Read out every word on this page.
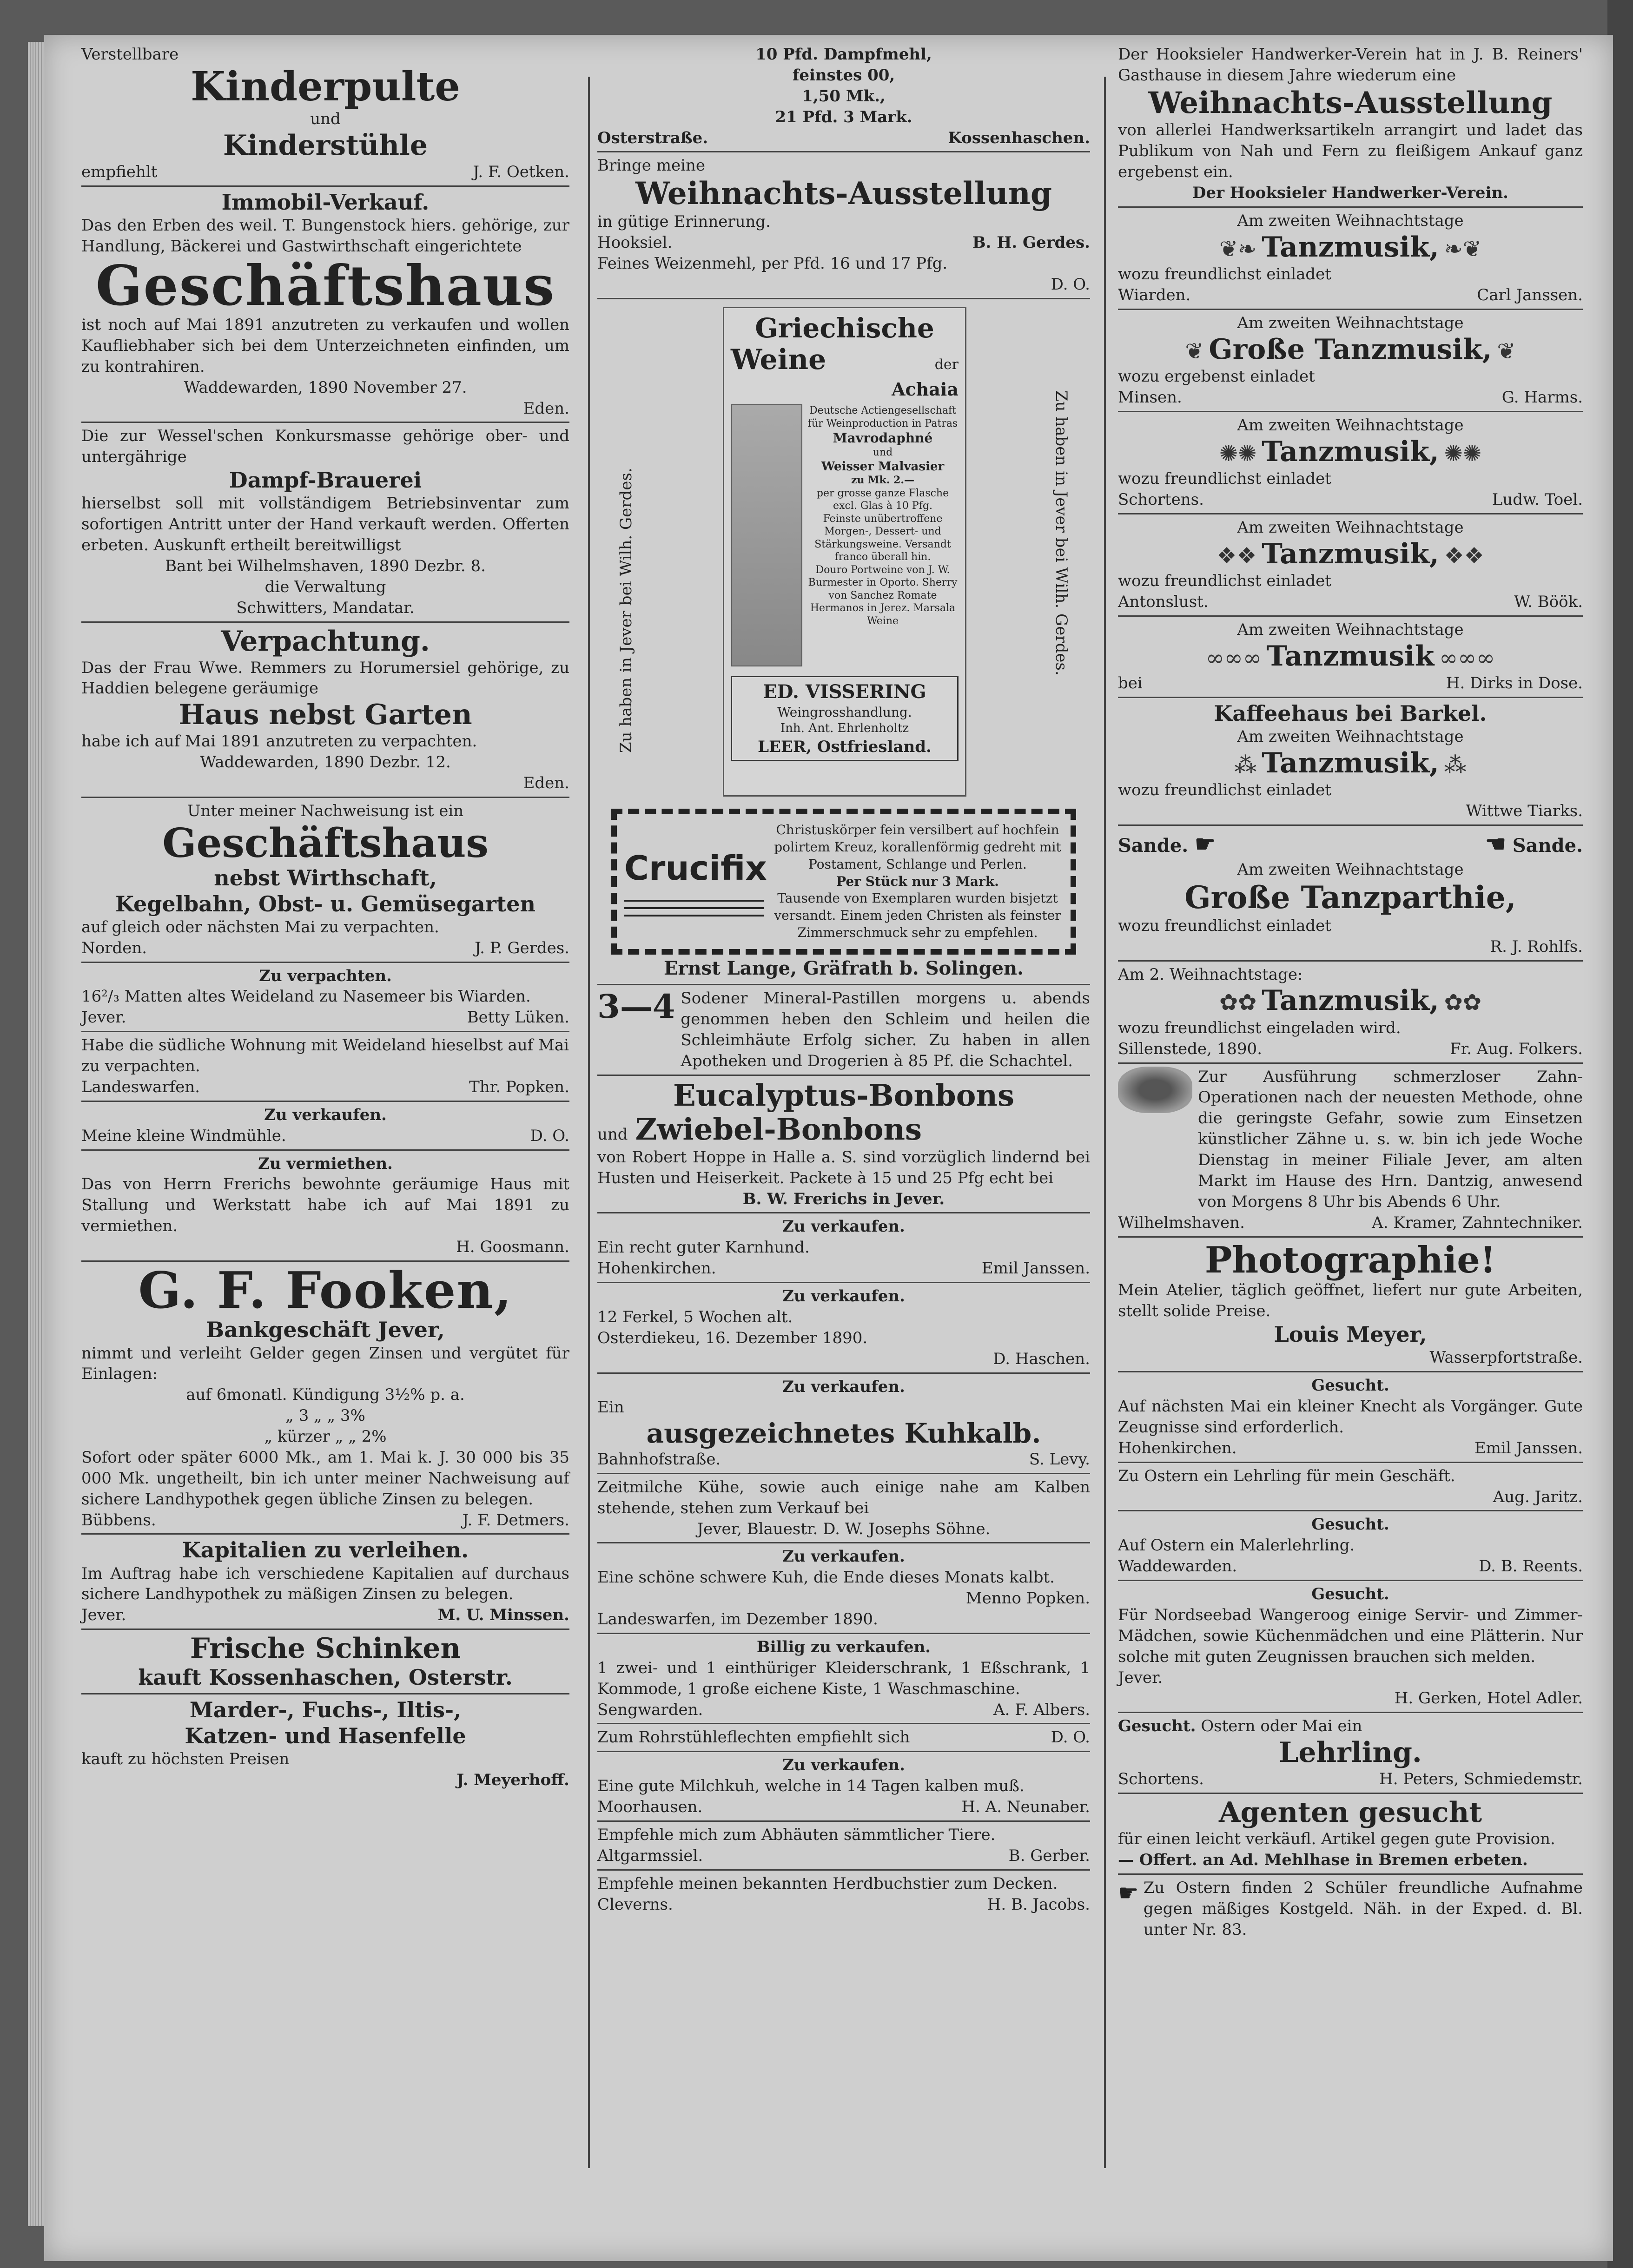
Verstellbare
Kinderpulte
und
Kinderstühle
empfiehlt	J. F. Oetken.
Immobil-Verkauf.
Das den Erben des weil. T. Bungenstock hiers. gehörige, zur Handlung, Bäckerei und Gastwirthschaft eingerichtete
Geschäftshaus
ist noch auf Mai 1891 anzutreten zu verkaufen und wollen Kaufliebhaber sich bei dem Unterzeichneten einfinden, um zu kontrahiren.
Waddewarden, 1890 November 27.
Eden.
Die zur Wessel'schen Konkursmasse gehörige ober- und untergährige
Dampf-Brauerei
hierselbst soll mit vollständigem Betriebsinventar zum sofortigen Antritt unter der Hand verkauft werden. Offerten erbeten. Auskunft ertheilt bereitwilligst
Bant bei Wilhelmshaven, 1890 Dezbr. 8.
die Verwaltung
Schwitters, Mandatar.
Verpachtung.
Das der Frau Wwe. Remmers zu Horumersiel gehörige, zu Haddien belegene geräumige
Haus nebst Garten
habe ich auf Mai 1891 anzutreten zu verpachten.
Waddewarden, 1890 Dezbr. 12.
Eden.
Unter meiner Nachweisung ist ein
Geschäftshaus
nebst Wirthschaft,
Kegelbahn, Obst- u. Gemüsegarten
auf gleich oder nächsten Mai zu verpachten.
Norden.	J. P. Gerdes.
Zu verpachten.
16²/₃ Matten altes Weideland zu Nasemeer bis Wiarden.
Jever.	Betty Lüken.
Habe die südliche Wohnung mit Weideland hieselbst auf Mai zu verpachten.
Landeswarfen.	Thr. Popken.
Zu verkaufen.
Meine kleine Windmühle.	D. O.
Zu vermiethen.
Das von Herrn Frerichs bewohnte geräumige Haus mit Stallung und Werkstatt habe ich auf Mai 1891 zu vermiethen.
H. Goosmann.
G. F. Fooken,
Bankgeschäft Jever,
nimmt und verleiht Gelder gegen Zinsen und vergütet für Einlagen:
auf 6monatl. Kündigung 3½% p. a.
„ 3 „ „ 3%
„ kürzer „ „ 2%
Sofort oder später 6000 Mk., am 1. Mai k. J. 30 000 bis 35 000 Mk. ungetheilt, bin ich unter meiner Nachweisung auf sichere Landhypothek gegen übliche Zinsen zu belegen.
Bübbens.	J. F. Detmers.
Kapitalien zu verleihen.
Im Auftrag habe ich verschiedene Kapitalien auf durchaus sichere Landhypothek zu mäßigen Zinsen zu belegen.
Jever.	M. U. Minssen.
Frische Schinken
kauft Kossenhaschen, Osterstr.
Marder-, Fuchs-, Iltis-,
Katzen- und Hasenfelle
kauft zu höchsten Preisen
J. Meyerhoff.
10 Pfd. Dampfmehl,
feinstes 00,
1,50 Mk.,
21 Pfd. 3 Mark.
Osterstraße.	Kossenhaschen.
Bringe meine
Weihnachts-Ausstellung
in gütige Erinnerung.
Hooksiel.	B. H. Gerdes.
Feines Weizenmehl, per Pfd. 16 und 17 Pfg.
D. O.
Zu haben in Jever bei Wilh. Gerdes.	Zu haben in Jever bei Wilh. Gerdes.
Griechische
Weine	der
Achaia
Deutsche Actiengesellschaft für Weinproduction in Patras
Mavrodaphné
und
Weisser Malvasier
zu Mk. 2.—
per grosse ganze Flasche excl. Glas à 10 Pfg.
Feinste unübertroffene Morgen-, Dessert- und Stärkungsweine. Versandt franco überall hin.
Douro Portweine von J. W. Burmester in Oporto. Sherry von Sanchez Romate Hermanos in Jerez. Marsala Weine
ED. VISSERING
Weingrosshandlung.
Inh. Ant. Ehrlenholtz
LEER, Ostfriesland.
Crucifix
Christuskörper fein versilbert auf hochfein polirtem Kreuz, korallenförmig gedreht mit Postament, Schlange und Perlen.
Per Stück nur 3 Mark.
Tausende von Exemplaren wurden bisjetzt versandt. Einem jeden Christen als feinster Zimmerschmuck sehr zu empfehlen.
Ernst Lange, Gräfrath b. Solingen.
3—4 Sodener Mineral-Pastillen morgens u. abends genommen heben den Schleim und heilen die Schleimhäute Erfolg sicher. Zu haben in allen Apotheken und Drogerien à 85 Pf. die Schachtel.
Eucalyptus-Bonbons
und Zwiebel-Bonbons
von Robert Hoppe in Halle a. S. sind vorzüglich lindernd bei Husten und Heiserkeit. Packete à 15 und 25 Pfg echt bei
B. W. Frerichs in Jever.
Zu verkaufen.
Ein recht guter Karnhund.
Hohenkirchen.	Emil Janssen.
Zu verkaufen.
12 Ferkel, 5 Wochen alt.
Osterdiekeu, 16. Dezember 1890.
D. Haschen.
Zu verkaufen.
Ein
ausgezeichnetes Kuhkalb.
Bahnhofstraße.	S. Levy.
Zeitmilche Kühe, sowie auch einige nahe am Kalben stehende, stehen zum Verkauf bei
Jever, Blauestr. D. W. Josephs Söhne.
Zu verkaufen.
Eine schöne schwere Kuh, die Ende dieses Monats kalbt.
Menno Popken.
Landeswarfen, im Dezember 1890.
Billig zu verkaufen.
1 zwei- und 1 einthüriger Kleiderschrank, 1 Eßschrank, 1 Kommode, 1 große eichene Kiste, 1 Waschmaschine.
Sengwarden.	A. F. Albers.
Zum Rohrstühleflechten empfiehlt sich	D. O.
Zu verkaufen.
Eine gute Milchkuh, welche in 14 Tagen kalben muß.
Moorhausen.	H. A. Neunaber.
Empfehle mich zum Abhäuten sämmtlicher Tiere.
Altgarmssiel.	B. Gerber.
Empfehle meinen bekannten Herdbuchstier zum Decken.
Cleverns.	H. B. Jacobs.
Der Hooksieler Handwerker-Verein hat in J. B. Reiners' Gasthause in diesem Jahre wiederum eine
Weihnachts-Ausstellung
von allerlei Handwerksartikeln arrangirt und ladet das Publikum von Nah und Fern zu fleißigem Ankauf ganz ergebenst ein.
Der Hooksieler Handwerker-Verein.
Am zweiten Weihnachtstage
❦❧ Tanzmusik, ❧❦
wozu freundlichst einladet
Wiarden.	Carl Janssen.
Am zweiten Weihnachtstage
❦ Große Tanzmusik, ❦
wozu ergebenst einladet
Minsen.	G. Harms.
Am zweiten Weihnachtstage
✺✺ Tanzmusik, ✺✺
wozu freundlichst einladet
Schortens.	Ludw. Toel.
Am zweiten Weihnachtstage
❖❖ Tanzmusik, ❖❖
wozu freundlichst einladet
Antonslust.	W. Böök.
Am zweiten Weihnachtstage
∞∞∞ Tanzmusik ∞∞∞
bei	H. Dirks in Dose.
Kaffeehaus bei Barkel.
Am zweiten Weihnachtstage
⁂ Tanzmusik, ⁂
wozu freundlichst einladet
Wittwe Tiarks.
Sande. ☛	☚ Sande.
Am zweiten Weihnachtstage
Große Tanzparthie,
wozu freundlichst einladet
R. J. Rohlfs.
Am 2. Weihnachtstage:
✿✿ Tanzmusik, ✿✿
wozu freundlichst eingeladen wird.
Sillenstede, 1890.	Fr. Aug. Folkers.
Zur Ausführung schmerzloser Zahn-Operationen nach der neuesten Methode, ohne die geringste Gefahr, sowie zum Einsetzen künstlicher Zähne u. s. w. bin ich jede Woche Dienstag in meiner Filiale Jever, am alten Markt im Hause des Hrn. Dantzig, anwesend von Morgens 8 Uhr bis Abends 6 Uhr.
Wilhelmshaven.	A. Kramer, Zahntechniker.
Photographie!
Mein Atelier, täglich geöffnet, liefert nur gute Arbeiten, stellt solide Preise.
Louis Meyer,
Wasserpfortstraße.
Gesucht.
Auf nächsten Mai ein kleiner Knecht als Vorgänger. Gute Zeugnisse sind erforderlich.
Hohenkirchen.	Emil Janssen.
Zu Ostern ein Lehrling für mein Geschäft.
Aug. Jaritz.
Gesucht.
Auf Ostern ein Malerlehrling.
Waddewarden.	D. B. Reents.
Gesucht.
Für Nordseebad Wangeroog einige Servir- und Zimmer-Mädchen, sowie Küchenmädchen und eine Plätterin. Nur solche mit guten Zeugnissen brauchen sich melden.
Jever.
H. Gerken, Hotel Adler.
Gesucht. Ostern oder Mai ein
Lehrling.
Schortens.	H. Peters, Schmiedemstr.
Agenten gesucht
für einen leicht verkäufl. Artikel gegen gute Provision.
— Offert. an Ad. Mehlhase in Bremen erbeten.
☛ Zu Ostern finden 2 Schüler freundliche Aufnahme gegen mäßiges Kostgeld. Näh. in der Exped. d. Bl. unter Nr. 83.
